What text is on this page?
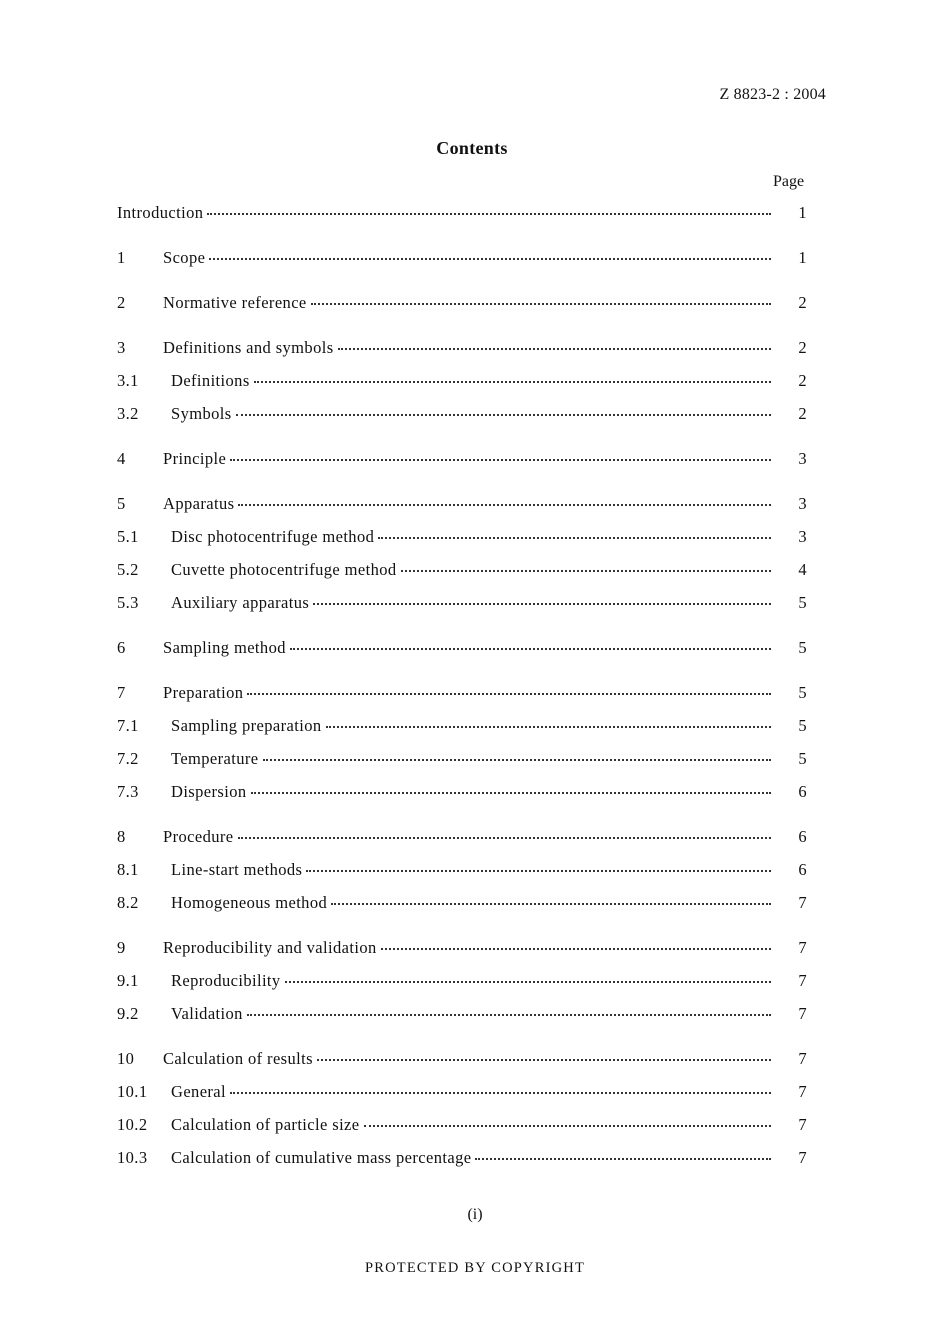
Z 8823-2 : 2004
Contents
Page
Introduction	1
1	Scope	1
2	Normative reference	2
3	Definitions and symbols	2
3.1	Definitions	2
3.2	Symbols	2
4	Principle	3
5	Apparatus	3
5.1	Disc photocentrifuge method	3
5.2	Cuvette photocentrifuge method	4
5.3	Auxiliary apparatus	5
6	Sampling method	5
7	Preparation	5
7.1	Sampling preparation	5
7.2	Temperature	5
7.3	Dispersion	6
8	Procedure	6
8.1	Line-start methods	6
8.2	Homogeneous method	7
9	Reproducibility and validation	7
9.1	Reproducibility	7
9.2	Validation	7
10	Calculation of results	7
10.1	General	7
10.2	Calculation of particle size	7
10.3	Calculation of cumulative mass percentage	7
(i)
PROTECTED BY COPYRIGHT
